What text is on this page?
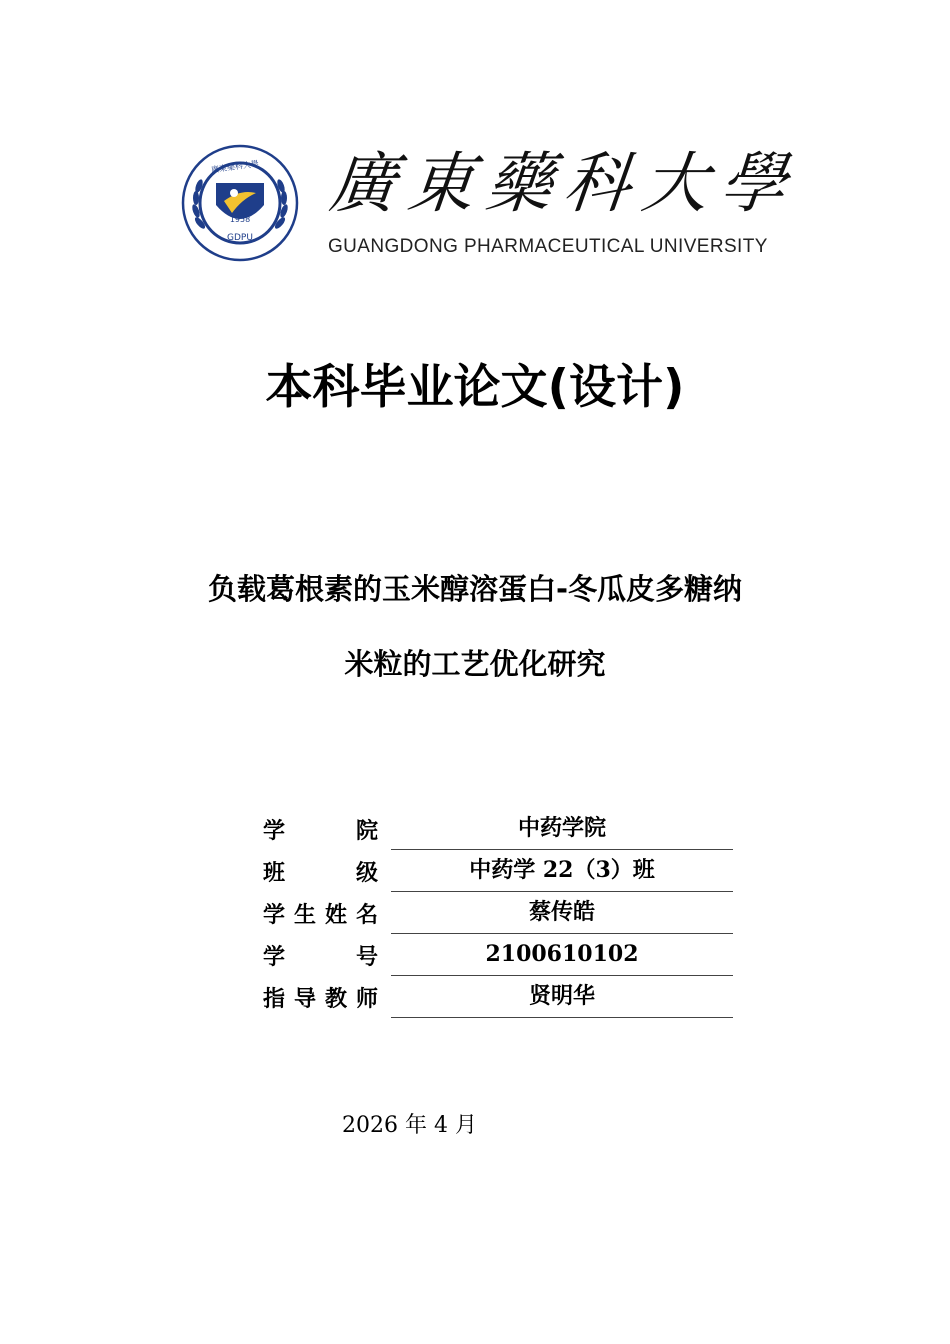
1958
GDPU
廣東藥科大學 廣東藥科大學
GUANGDONG PHARMACEUTICAL UNIVERSITY
本科毕业论文(设计)
负载葛根素的玉米醇溶蛋白-冬瓜皮多糖纳
米粒的工艺优化研究
学　院	中药学院
班　级	中药学 22（3）班
学生姓名	蔡传皓
学　号	2100610102
指导教师	贤明华
2026 年 4 月
